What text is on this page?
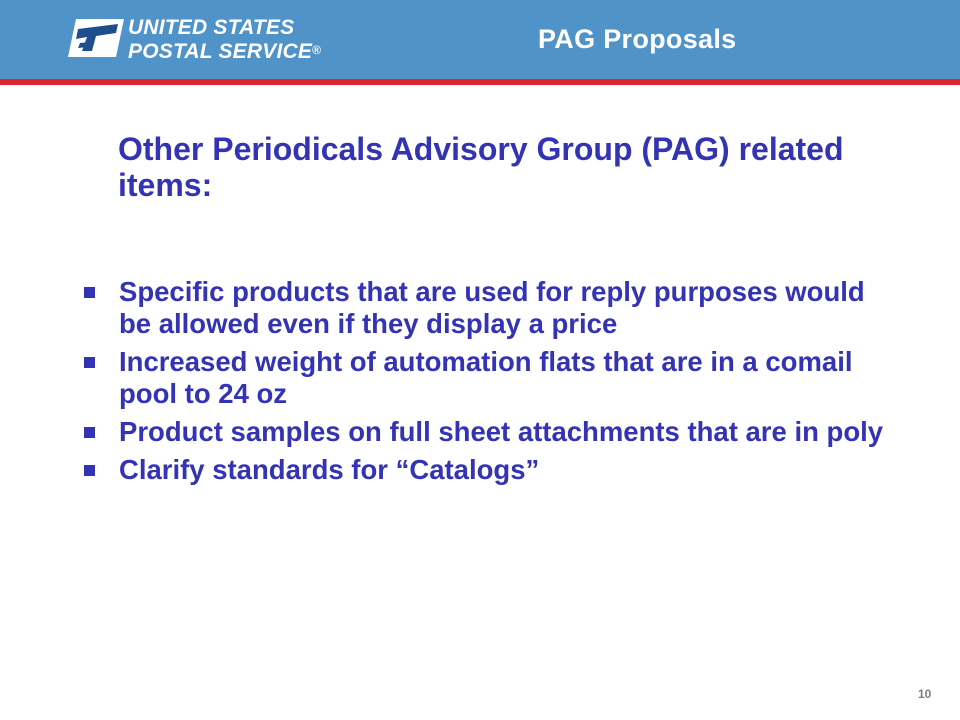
UNITED STATES
POSTAL SERVICE®	PAG Proposals
Other Periodicals Advisory Group (PAG) related items:
Specific products that are used for reply purposes would be allowed even if they display a price
Increased weight of automation flats that are in a comail pool to 24 oz
Product samples on full sheet attachments that are in poly
Clarify standards for “Catalogs”
10
